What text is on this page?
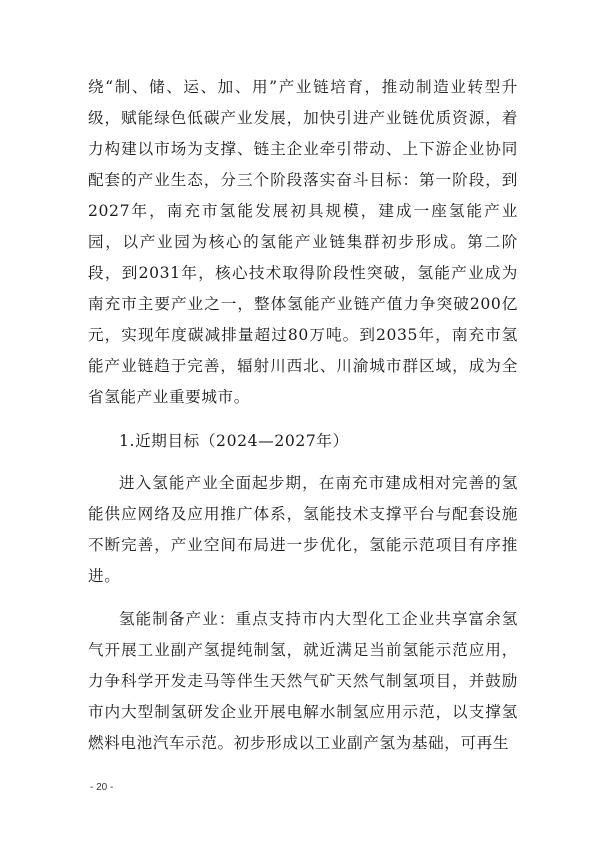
绕“制、储、运、加、用”产业链培育，推动制造业转型升级，赋能绿色低碳产业发展，加快引进产业链优质资源，着力构建以市场为支撑、链主企业牵引带动、上下游企业协同配套的产业生态，分三个阶段落实奋斗目标：第一阶段，到2027年，南充市氢能发展初具规模，建成一座氢能产业园，以产业园为核心的氢能产业链集群初步形成。第二阶段，到2031年，核心技术取得阶段性突破，氢能产业成为南充市主要产业之一，整体氢能产业链产值力争突破200亿元，实现年度碳减排量超过80万吨。到2035年，南充市氢能产业链趋于完善，辐射川西北、川渝城市群区域，成为全省氢能产业重要城市。

1.近期目标（2024—2027年）

进入氢能产业全面起步期，在南充市建成相对完善的氢能供应网络及应用推广体系，氢能技术支撑平台与配套设施不断完善，产业空间布局进一步优化，氢能示范项目有序推进。

氢能制备产业：重点支持市内大型化工企业共享富余氢气开展工业副产氢提纯制氢，就近满足当前氢能示范应用，力争科学开发走马等伴生天然气矿天然气制氢项目，并鼓励市内大型制氢研发企业开展电解水制氢应用示范，以支撑氢燃料电池汽车示范。初步形成以工业副产氢为基础，可再生

- 20 -
